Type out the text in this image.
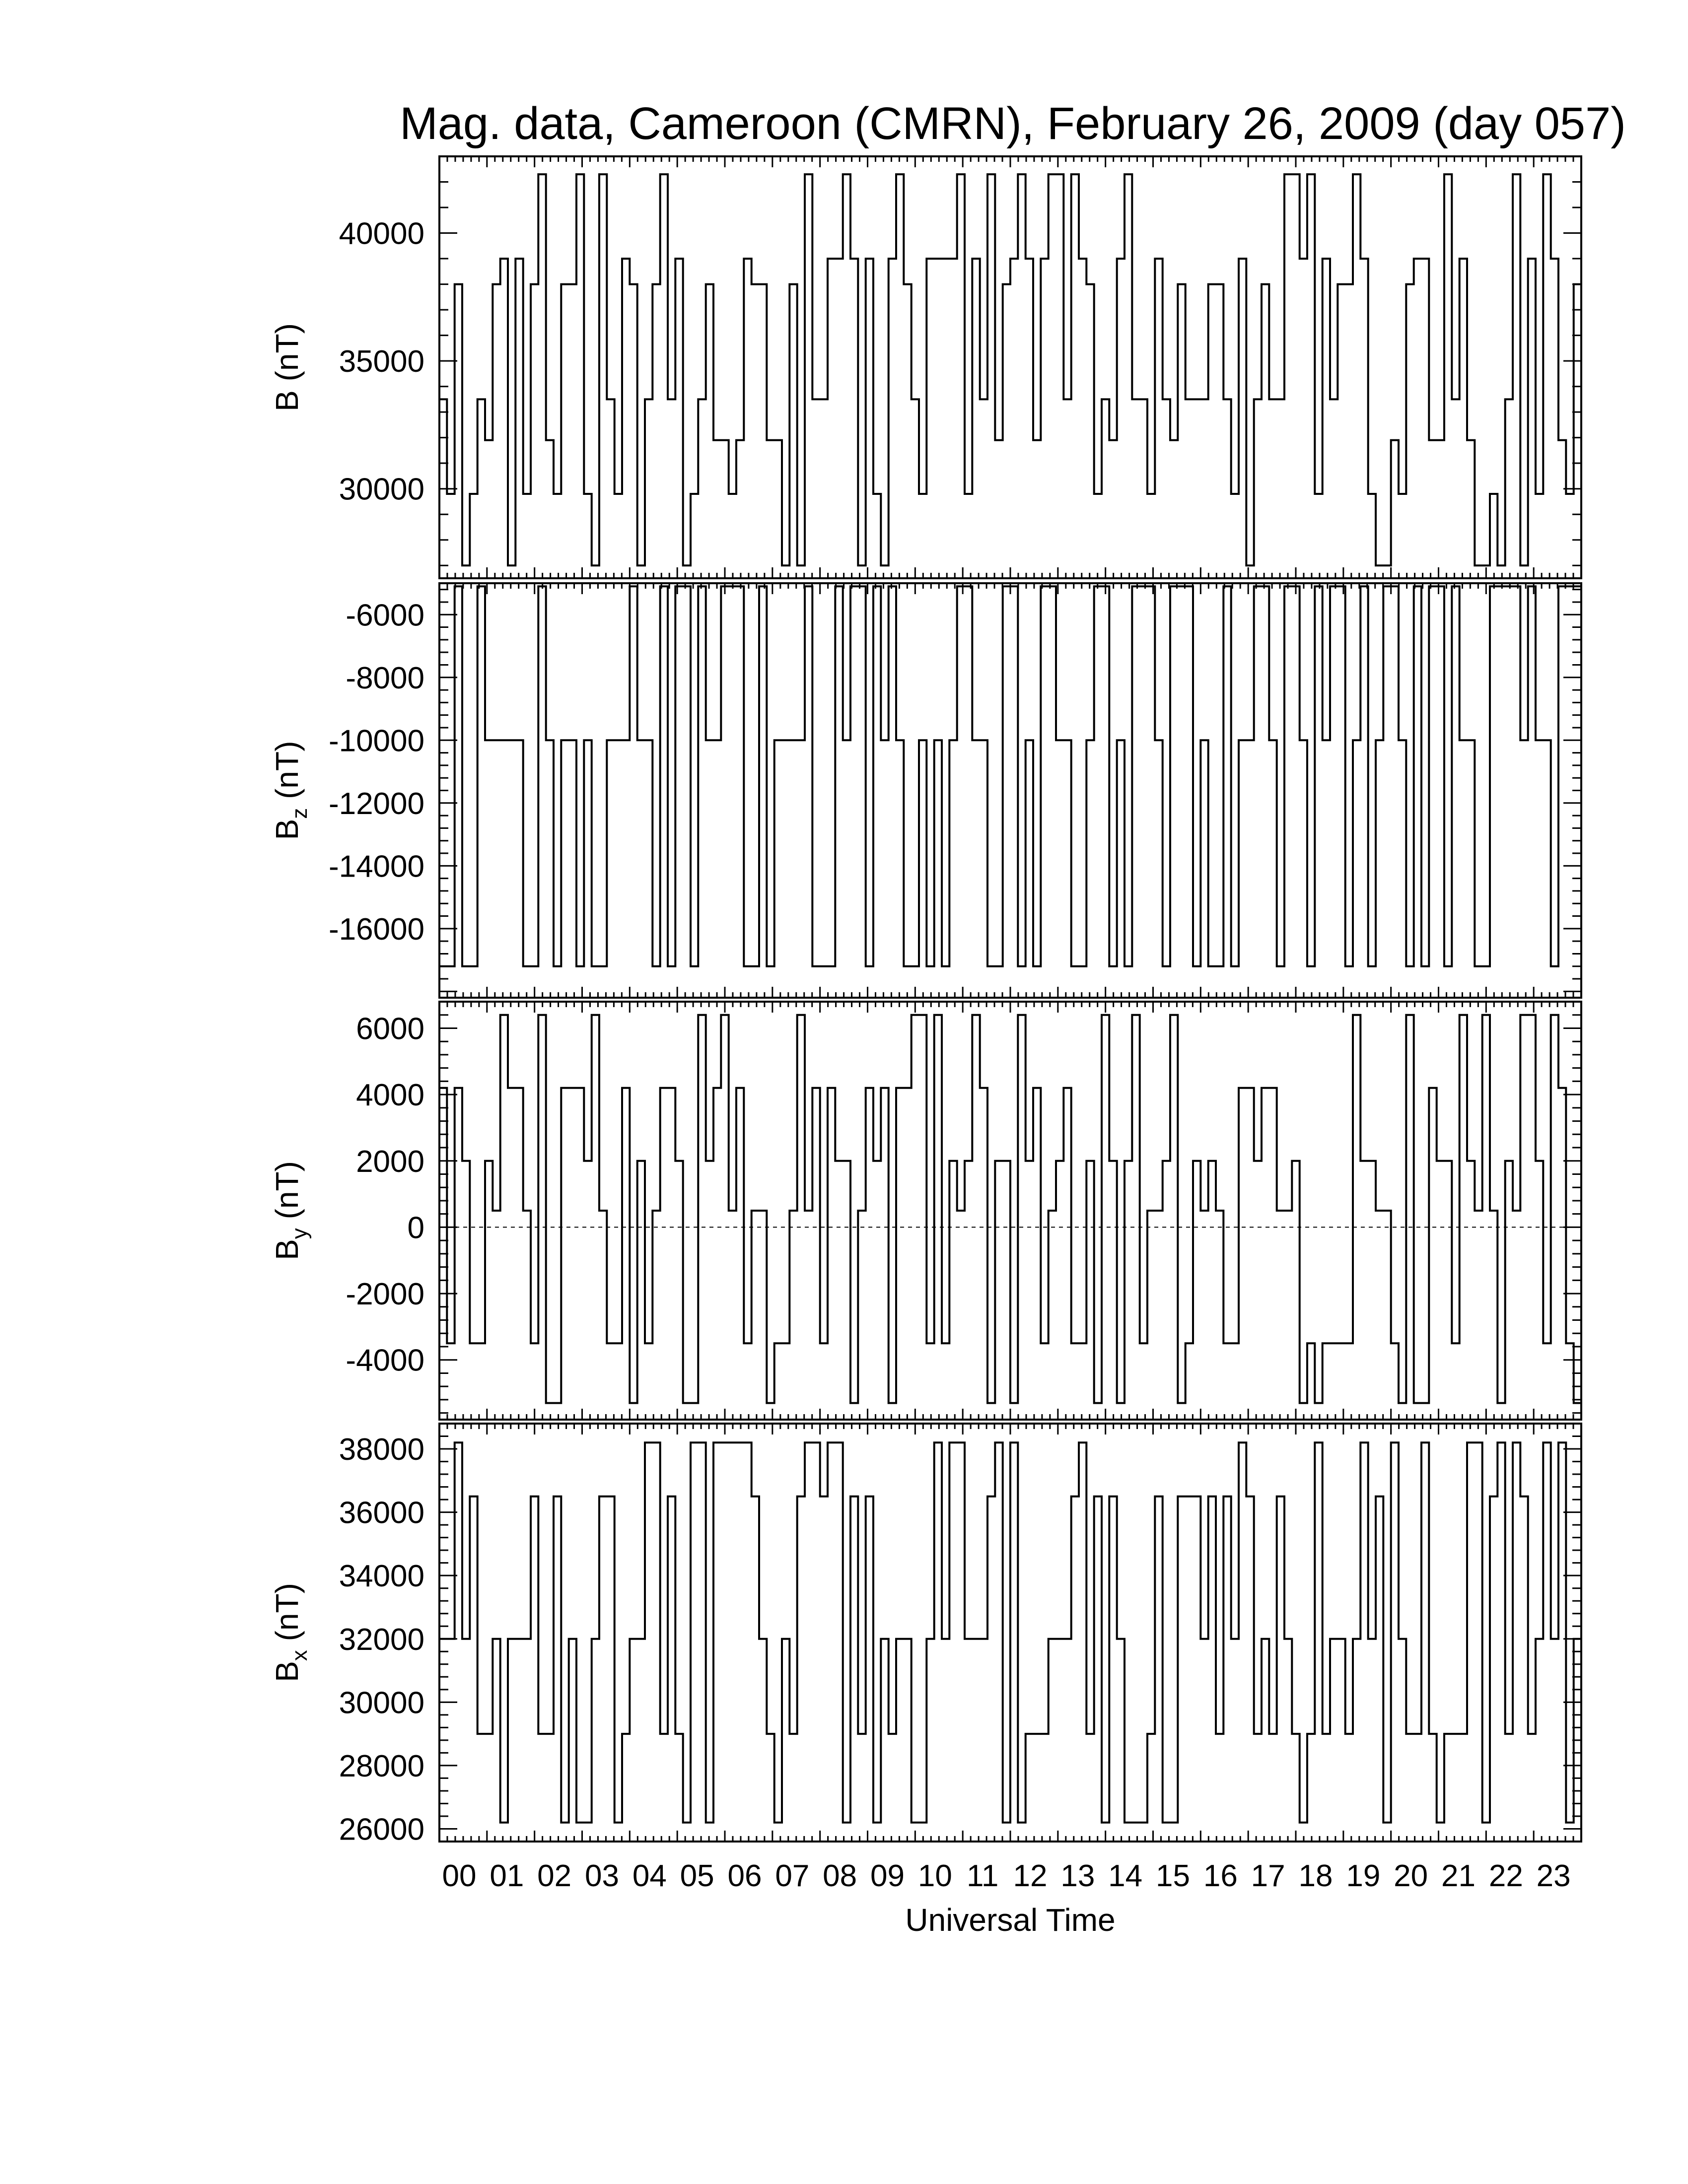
Mag. data, Cameroon (CMRN), February 26, 2009 (day 057)
30000
35000
40000
B (nT)
-16000
-14000
-12000
-10000
-8000
-6000
$B_z$ (nT)
-4000
-2000
0
2000
4000
6000
$B_y$ (nT)
26000
28000
30000
32000
34000
36000
38000
$B_x$ (nT)
00 01 02 03 04 05 06 07 08 09 10 11 12 13 14 15 16 17 18 19 20 21 22 23
Universal Time
